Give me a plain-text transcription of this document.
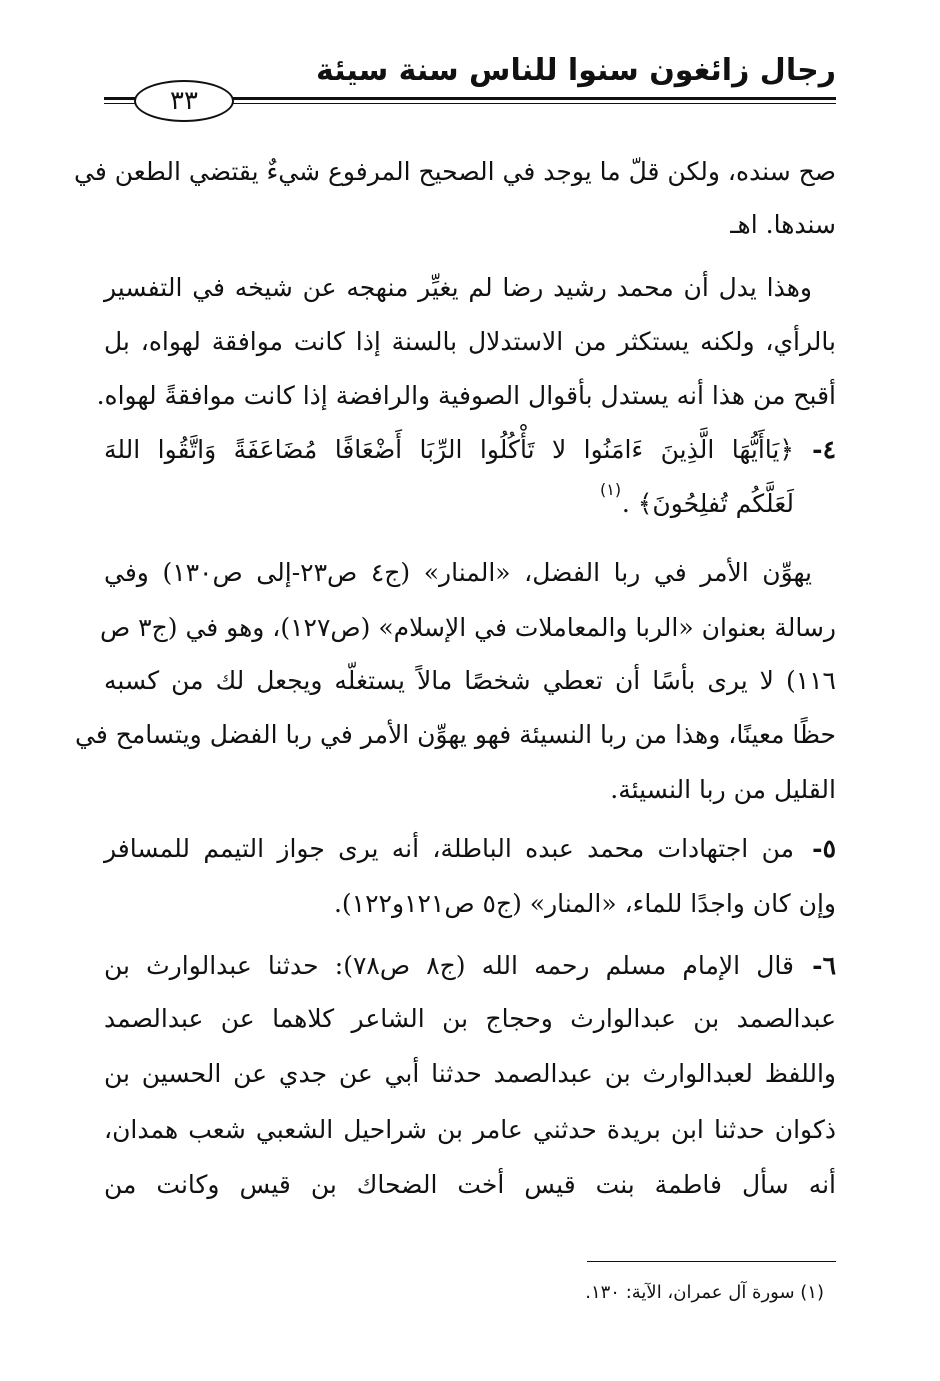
رجال زائغون سنوا للناس سنة سيئة
٣٣
صح سنده، ولكن قلّ ما يوجد في الصحيح المرفوع شيءٌ يقتضي الطعن في
سندها. اهـ
وهذا يدل أن محمد رشيد رضا لم يغيِّر منهجه عن شيخه في التفسير
بالرأي، ولكنه يستكثر من الاستدلال بالسنة إذا كانت موافقة لهواه، بل
أقبح من هذا أنه يستدل بأقوال الصوفية والرافضة إذا كانت موافقةً لهواه.
٤-
﴿يَاأَيُّهَا الَّذِينَ ءَامَنُوا لا تَأْكُلُوا الرِّبَا أَضْعَافًا مُضَاعَفَةً وَاتَّقُوا اللهَ
لَعَلَّكُم تُفلِحُونَ﴾ .
(١)
يهوِّن الأمر في ربا الفضل، «المنار» (ج٤ ص٢٣-إلى ص١٣٠) وفي
رسالة بعنوان «الربا والمعاملات في الإسلام» (ص١٢٧)، وهو في (ج٣ ص
١١٦) لا يرى بأسًا أن تعطي شخصًا مالاً يستغلّه ويجعل لك من كسبه
حظًا معينًا، وهذا من ربا النسيئة فهو يهوِّن الأمر في ربا الفضل ويتسامح في
القليل من ربا النسيئة.
٥-
من اجتهادات محمد عبده الباطلة، أنه يرى جواز التيمم للمسافر
وإن كان واجدًا للماء، «المنار» (ج٥ ص١٢١و١٢٢).
٦-
قال الإمام مسلم رحمه الله (ج٨ ص٧٨): حدثنا عبدالوارث بن
عبدالصمد بن عبدالوارث وحجاج بن الشاعر كلاهما عن عبدالصمد
واللفظ لعبدالوارث بن عبدالصمد حدثنا أبي عن جدي عن الحسين بن
ذكوان حدثنا ابن بريدة حدثني عامر بن شراحيل الشعبي شعب همدان،
أنه سأل فاطمة بنت قيس أخت الضحاك بن قيس وكانت من
(١) سورة آل عمران، الآية: ١٣٠.
